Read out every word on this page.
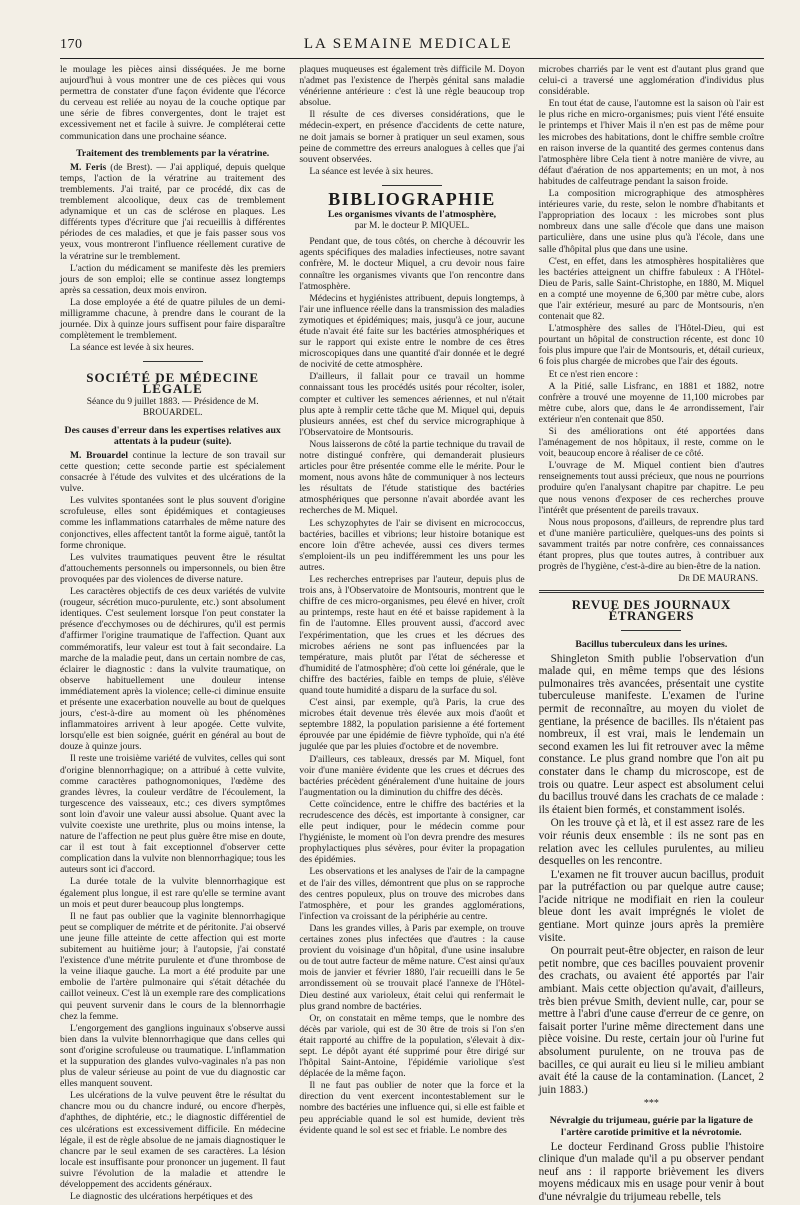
170	LA SEMAINE MEDICALE

le moulage les pièces ainsi disséquées. Je me borne aujourd'hui à vous montrer une de ces pièces qui vous permettra de constater d'une façon évidente que l'écorce du cerveau est reliée au noyau de la couche optique par une série de fibres convergentes, dont le trajet est excessivement net et facile à suivre. Je compléterai cette communication dans une prochaine séance.

Traitement des tremblements par la vératrine.

M. Feris (de Brest). — J'ai appliqué, depuis quelque temps, l'action de la vératrine au traitement des tremblements. J'ai traité, par ce procédé, dix cas de tremblement alcoolique, deux cas de tremblement adynamique et un cas de sclérose en plaques. Les différents types d'écriture que j'ai recueillis à différentes périodes de ces maladies, et que je fais passer sous vos yeux, vous montreront l'influence réellement curative de la vératrine sur le tremblement.

L'action du médicament se manifeste dès les premiers jours de son emploi; elle se continue assez longtemps après sa cessation, deux mois environ.

La dose employée a été de quatre pilules de un demi-milligramme chacune, à prendre dans le courant de la journée. Dix à quinze jours suffisent pour faire disparaître complètement le tremblement.

La séance est levée à six heures.

SOCIÉTÉ DE MÉDECINE LÉGALE
Séance du 9 juillet 1883. — Présidence de M. BROUARDEL.
Des causes d'erreur dans les expertises relatives aux attentats à la pudeur (suite).

M. Brouardel continue la lecture de son travail sur cette question; cette seconde partie est spécialement consacrée à l'étude des vulvites et des ulcérations de la vulve.

Les vulvites spontanées sont le plus souvent d'origine scrofuleuse, elles sont épidémiques et contagieuses comme les inflammations catarrhales de même nature des conjonctives, elles affectent tantôt la forme aiguë, tantôt la forme chronique.

Les vulvites traumatiques peuvent être le résultat d'attouchements personnels ou impersonnels, ou bien être provoquées par des violences de diverse nature.

Les caractères objectifs de ces deux variétés de vulvite (rougeur, sécrétion muco-purulente, etc.) sont absolument identiques. C'est seulement lorsque l'on peut constater la présence d'ecchymoses ou de déchirures, qu'il est permis d'affirmer l'origine traumatique de l'affection. Quant aux commémoratifs, leur valeur est tout à fait secondaire. La marche de la maladie peut, dans un certain nombre de cas, éclairer le diagnostic : dans la vulvite traumatique, on observe habituellement une douleur intense immédiatement après la violence; celle-ci diminue ensuite et présente une exacerbation nouvelle au bout de quelques jours, c'est-à-dire au moment où les phénomènes inflammatoires arrivent à leur apogée. Cette vulvite, lorsqu'elle est bien soignée, guérit en général au bout de douze à quinze jours.

Il reste une troisième variété de vulvites, celles qui sont d'origine blennorrhagique; on a attribué à cette vulvite, comme caractères pathognomoniques, l'œdème des grandes lèvres, la couleur verdâtre de l'écoulement, la turgescence des vaisseaux, etc.; ces divers symptômes sont loin d'avoir une valeur aussi absolue. Quant avec la vulvite coexiste une urethrite, plus ou moins intense, la nature de l'affection ne peut plus guère être mise en doute, car il est tout à fait exceptionnel d'observer cette complication dans la vulvite non blennorrhagique; tous les auteurs sont ici d'accord.

La durée totale de la vulvite blennorrhagique est également plus longue, il est rare qu'elle se termine avant un mois et peut durer beaucoup plus longtemps.

Il ne faut pas oublier que la vaginite blennorrhagique peut se compliquer de métrite et de péritonite. J'ai observé une jeune fille atteinte de cette affection qui est morte subitement au huitième jour; à l'autopsie, j'ai constaté l'existence d'une métrite purulente et d'une thrombose de la veine iliaque gauche. La mort a été produite par une embolie de l'artère pulmonaire qui s'était détachée du caillot veineux. C'est là un exemple rare des complications qui peuvent survenir dans le cours de la blennorrhagie chez la femme.

L'engorgement des ganglions inguinaux s'observe aussi bien dans la vulvite blennorrhagique que dans celles qui sont d'origine scrofuleuse ou traumatique. L'inflammation et la suppuration des glandes vulvo-vaginales n'a pas non plus de valeur sérieuse au point de vue du diagnostic car elles manquent souvent.

Les ulcérations de la vulve peuvent être le résultat du chancre mou ou du chancre induré, ou encore d'herpès, d'aphthes, de diphtérie, etc.; le diagnostic différentiel de ces ulcérations est excessivement difficile. En médecine légale, il est de règle absolue de ne jamais diagnostiquer le chancre par le seul examen de ses caractères. La lésion locale est insuffisante pour prononcer un jugement. Il faut suivre l'évolution de la maladie et attendre le développement des accidents généraux.

Le diagnostic des ulcérations herpétiques et des

plaques muqueuses est également très difficile M. Doyon n'admet pas l'existence de l'herpès génital sans maladie vénérienne antérieure : c'est là une règle beaucoup trop absolue.

Il résulte de ces diverses considérations, que le médecin-expert, en présence d'accidents de cette nature, ne doit jamais se borner à pratiquer un seul examen, sous peine de commettre des erreurs analogues à celles que j'ai souvent observées.

La séance est levée à six heures.

BIBLIOGRAPHIE
Les organismes vivants de l'atmosphère,
par M. le docteur P. MIQUEL.

Pendant que, de tous côtés, on cherche à découvrir les agents spécifiques des maladies infectieuses, notre savant confrère, M. le docteur Miquel, a cru devoir nous faire connaître les organismes vivants que l'on rencontre dans l'atmosphère.

Médecins et hygiénistes attribuent, depuis longtemps, à l'air une influence réelle dans la transmission des maladies zymotiques et épidémiques; mais, jusqu'à ce jour, aucune étude n'avait été faite sur les bactéries atmosphériques et sur le rapport qui existe entre le nombre de ces êtres microscopiques dans une quantité d'air donnée et le degré de nocivité de cette atmosphère.

D'ailleurs, il fallait pour ce travail un homme connaissant tous les procédés usités pour récolter, isoler, compter et cultiver les semences aériennes, et nul n'était plus apte à remplir cette tâche que M. Miquel qui, depuis plusieurs années, est chef du service micrographique à l'Observatoire de Montsouris.

Nous laisserons de côté la partie technique du travail de notre distingué confrère, qui demanderait plusieurs articles pour être présentée comme elle le mérite. Pour le moment, nous avons hâte de communiquer à nos lecteurs les résultats de l'étude statistique des bactéries atmosphériques que personne n'avait abordée avant les recherches de M. Miquel.

Les schyzophytes de l'air se divisent en micrococcus, bactéries, bacilles et vibrions; leur histoire botanique est encore loin d'être achevée, aussi ces divers termes s'emploient-ils un peu indifféremment les uns pour les autres.

Les recherches entreprises par l'auteur, depuis plus de trois ans, à l'Observatoire de Montsouris, montrent que le chiffre de ces micro-organismes, peu élevé en hiver, croît au printemps, reste haut en été et baisse rapidement à la fin de l'automne. Elles prouvent aussi, d'accord avec l'expérimentation, que les crues et les décrues des microbes aériens ne sont pas influencées par la température, mais plutôt par l'état de sécheresse et d'humidité de l'atmosphère; d'où cette loi générale, que le chiffre des bactéries, faible en temps de pluie, s'élève quand toute humidité a disparu de la surface du sol.

C'est ainsi, par exemple, qu'à Paris, la crue des microbes était devenue très élevée aux mois d'août et septembre 1882, la population parisienne a été fortement éprouvée par une épidémie de fièvre typhoïde, qui n'a été jugulée que par les pluies d'octobre et de novembre.

D'ailleurs, ces tableaux, dressés par M. Miquel, font voir d'une manière évidente que les crues et décrues des bactéries précèdent généralement d'une huitaine de jours l'augmentation ou la diminution du chiffre des décès.

Cette coïncidence, entre le chiffre des bactéries et la recrudescence des décès, est importante à consigner, car elle peut indiquer, pour le médecin comme pour l'hygiéniste, le moment où l'on devra prendre des mesures prophylactiques plus sévères, pour éviter la propagation des épidémies.

Les observations et les analyses de l'air de la campagne et de l'air des villes, démontrent que plus on se rapproche des centres populeux, plus on trouve des microbes dans l'atmosphère, et pour les grandes agglomérations, l'infection va croissant de la périphérie au centre.

Dans les grandes villes, à Paris par exemple, on trouve certaines zones plus infectées que d'autres : la cause provient du voisinage d'un hôpital, d'une usine insalubre ou de tout autre facteur de même nature. C'est ainsi qu'aux mois de janvier et février 1880, l'air recueilli dans le 5e arrondissement où se trouvait placé l'annexe de l'Hôtel-Dieu destiné aux varioleux, était celui qui renfermait le plus grand nombre de bactéries.

Or, on constatait en même temps, que le nombre des décès par variole, qui est de 30 être de trois si l'on s'en était rapporté au chiffre de la population, s'élevait à dix-sept. Le dépôt ayant été supprimé pour être dirigé sur l'hôpital Saint-Antoine, l'épidémie variolique s'est déplacée de la même façon.

Il ne faut pas oublier de noter que la force et la direction du vent exercent incontestablement sur le nombre des bactéries une influence qui, si elle est faible et peu appréciable quand le sol est humide, devient très évidente quand le sol est sec et friable. Le nombre des

microbes charriés par le vent est d'autant plus grand que celui-ci a traversé une agglomération d'individus plus considérable.

En tout état de cause, l'automne est la saison où l'air est le plus riche en micro-organismes; puis vient l'été ensuite le printemps et l'hiver Mais il n'en est pas de même pour les microbes des habitations, dont le chiffre semble croître en raison inverse de la quantité des germes contenus dans l'atmosphère libre Cela tient à notre manière de vivre, au défaut d'aération de nos appartements; en un mot, à nos habitudes de calfeutrage pendant la saison froide.

La composition micrographique des atmosphères intérieures varie, du reste, selon le nombre d'habitants et l'appropriation des locaux : les microbes sont plus nombreux dans une salle d'école que dans une maison particulière, dans une usine plus qu'à l'école, dans une salle d'hôpital plus que dans une usine.

C'est, en effet, dans les atmosphères hospitalières que les bactéries atteignent un chiffre fabuleux : A l'Hôtel-Dieu de Paris, salle Saint-Christophe, en 1880, M. Miquel en a compté une moyenne de 6,300 par mètre cube, alors que l'air extérieur, mesuré au parc de Montsouris, n'en contenait que 82.

L'atmosphère des salles de l'Hôtel-Dieu, qui est pourtant un hôpital de construction récente, est donc 10 fois plus impure que l'air de Montsouris, et, détail curieux, 6 fois plus chargée de microbes que l'air des égouts.

Et ce n'est rien encore :

A la Pitié, salle Lisfranc, en 1881 et 1882, notre confrère a trouvé une moyenne de 11,100 microbes par mètre cube, alors que, dans le 4e arrondissement, l'air extérieur n'en contenait que 850.

Si des améliorations ont été apportées dans l'aménagement de nos hôpitaux, il reste, comme on le voit, beaucoup encore à réaliser de ce côté.

L'ouvrage de M. Miquel contient bien d'autres renseignements tout aussi précieux, que nous ne pourrions produire qu'en l'analysant chapitre par chapitre. Le peu que nous venons d'exposer de ces recherches prouve l'intérêt que présentent de pareils travaux.

Nous nous proposons, d'ailleurs, de reprendre plus tard et d'une manière particulière, quelques-uns des points si savamment traités par notre confrère, ces connaissances étant propres, plus que toutes autres, à contribuer aux progrès de l'hygiène, c'est-à-dire au bien-être de la nation.

Dr DE MAURANS.
REVUE DES JOURNAUX ÉTRANGERS
Bacillus tuberculeux dans les urines.

Shingleton Smith publie l'observation d'un malade qui, en même temps que des lésions pulmonaires très avancées, présentait une cystite tuberculeuse manifeste. L'examen de l'urine permit de reconnaître, au moyen du violet de gentiane, la présence de bacilles. Ils n'étaient pas nombreux, il est vrai, mais le lendemain un second examen les lui fit retrouver avec la même constance. Le plus grand nombre que l'on ait pu constater dans le champ du microscope, est de trois ou quatre. Leur aspect est absolument celui du bacillus trouvé dans les crachats de ce malade : ils étaient bien formés, et constamment isolés.

On les trouve çà et là, et il est assez rare de les voir réunis deux ensemble : ils ne sont pas en relation avec les cellules purulentes, au milieu desquelles on les rencontre.

L'examen ne fit trouver aucun bacillus, produit par la putréfaction ou par quelque autre cause; l'acide nitrique ne modifiait en rien la couleur bleue dont les avait imprégnés le violet de gentiane. Mort quinze jours après la première visite.

On pourrait peut-être objecter, en raison de leur petit nombre, que ces bacilles pouvaient provenir des crachats, ou avaient été apportés par l'air ambiant. Mais cette objection qu'avait, d'ailleurs, très bien prévue Smith, devient nulle, car, pour se mettre à l'abri d'une cause d'erreur de ce genre, on faisait porter l'urine même directement dans une pièce voisine. Du reste, certain jour où l'urine fut absolument purulente, on ne trouva pas de bacilles, ce qui aurait eu lieu si le milieu ambiant avait été la cause de la contamination. (Lancet, 2 juin 1883.)

***
Névralgie du trijumeau, guérie par la ligature de l'artère carotide primitive et la névrotomie.

Le docteur Ferdinand Gross publie l'histoire clinique d'un malade qu'il a pu observer pendant neuf ans : il rapporte brièvement les divers moyens médicaux mis en usage pour venir à bout d'une névralgie du trijumeau rebelle, tels
